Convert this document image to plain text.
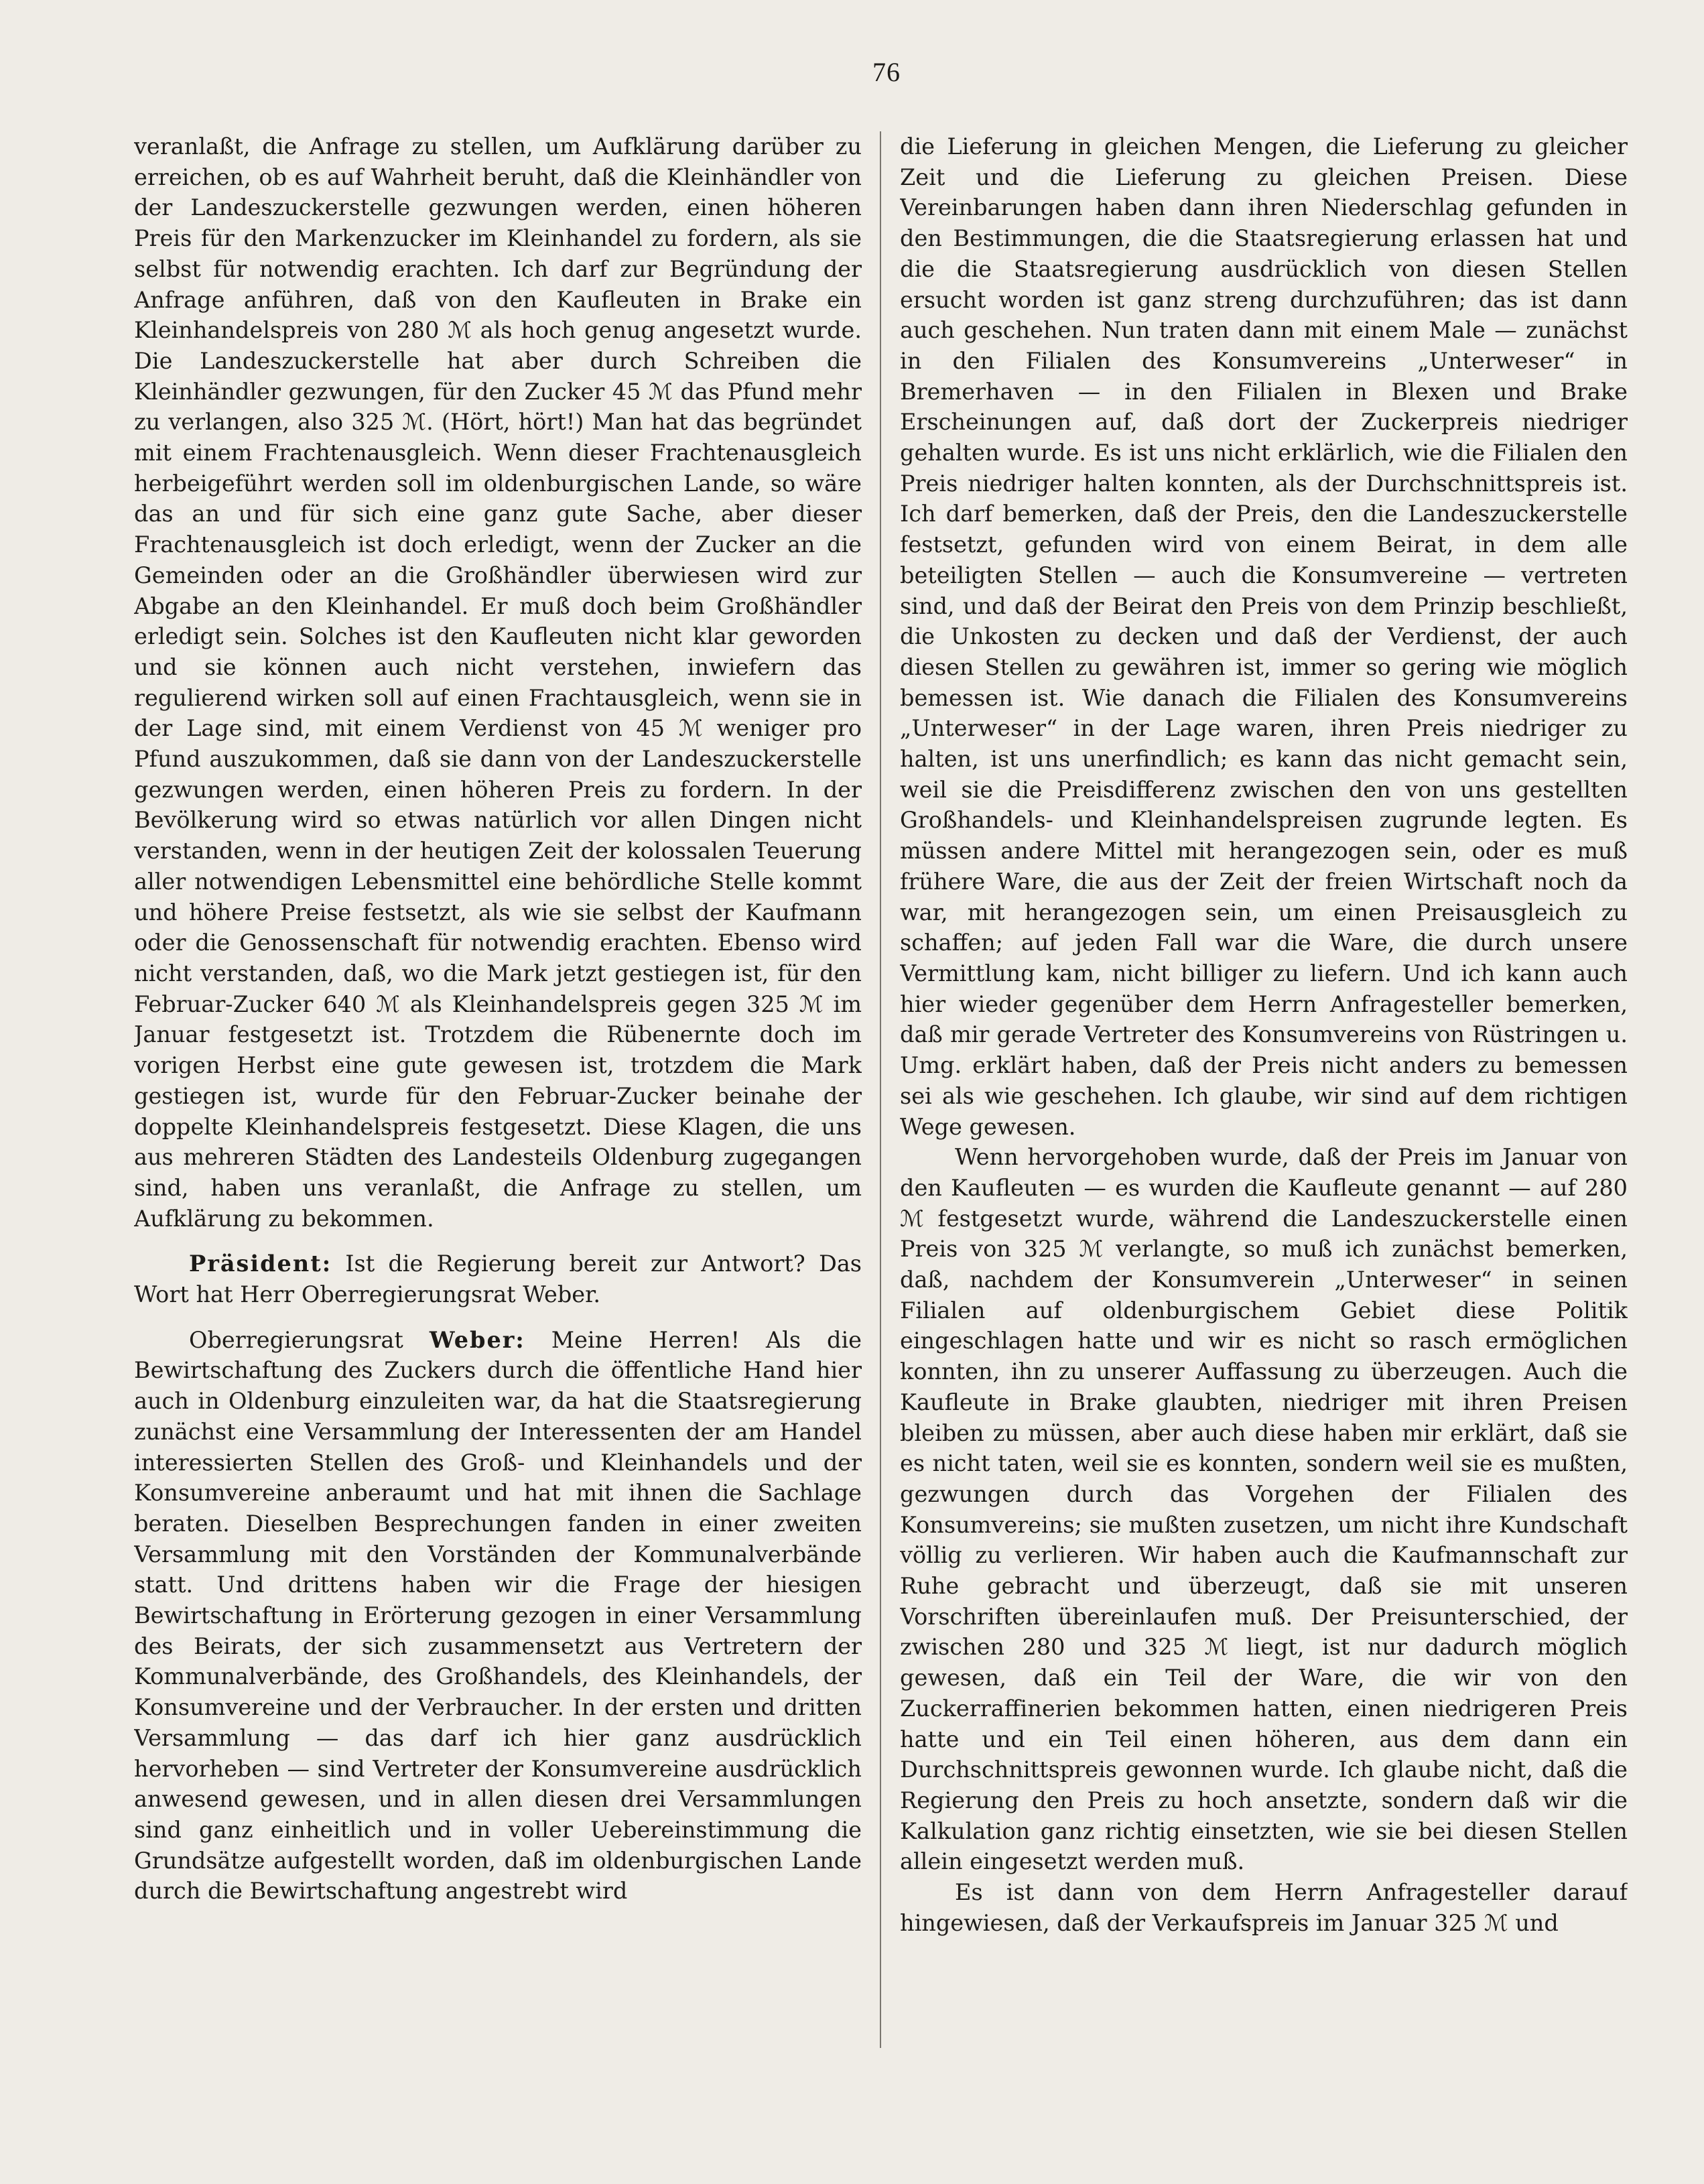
76

veranlaßt, die Anfrage zu stellen, um Aufklärung darüber zu erreichen, ob es auf Wahrheit beruht, daß die Kleinhändler von der Landeszuckerstelle gezwungen werden, einen höheren Preis für den Markenzucker im Kleinhandel zu fordern, als sie selbst für notwendig erachten. Ich darf zur Begründung der Anfrage anführen, daß von den Kaufleuten in Brake ein Kleinhandelspreis von 280 ℳ als hoch genug angesetzt wurde. Die Landeszuckerstelle hat aber durch Schreiben die Kleinhändler gezwungen, für den Zucker 45 ℳ das Pfund mehr zu verlangen, also 325 ℳ. (Hört, hört!) Man hat das begründet mit einem Frachtenausgleich. Wenn dieser Frachtenausgleich herbeigeführt werden soll im oldenburgischen Lande, so wäre das an und für sich eine ganz gute Sache, aber dieser Frachtenausgleich ist doch erledigt, wenn der Zucker an die Gemeinden oder an die Großhändler überwiesen wird zur Abgabe an den Kleinhandel. Er muß doch beim Großhändler erledigt sein. Solches ist den Kaufleuten nicht klar geworden und sie können auch nicht verstehen, inwiefern das regulierend wirken soll auf einen Frachtausgleich, wenn sie in der Lage sind, mit einem Verdienst von 45 ℳ weniger pro Pfund auszukommen, daß sie dann von der Landeszuckerstelle gezwungen werden, einen höheren Preis zu fordern. In der Bevölkerung wird so etwas natürlich vor allen Dingen nicht verstanden, wenn in der heutigen Zeit der kolossalen Teuerung aller notwendigen Lebensmittel eine behördliche Stelle kommt und höhere Preise festsetzt, als wie sie selbst der Kaufmann oder die Genossenschaft für notwendig erachten. Ebenso wird nicht verstanden, daß, wo die Mark jetzt gestiegen ist, für den Februar-Zucker 640 ℳ als Kleinhandelspreis gegen 325 ℳ im Januar festgesetzt ist. Trotzdem die Rübenernte doch im vorigen Herbst eine gute gewesen ist, trotzdem die Mark gestiegen ist, wurde für den Februar-Zucker beinahe der doppelte Kleinhandelspreis festgesetzt. Diese Klagen, die uns aus mehreren Städten des Landesteils Oldenburg zugegangen sind, haben uns veranlaßt, die Anfrage zu stellen, um Aufklärung zu bekommen.

Präsident: Ist die Regierung bereit zur Antwort? Das Wort hat Herr Oberregierungsrat Weber.

Oberregierungsrat Weber: Meine Herren! Als die Bewirtschaftung des Zuckers durch die öffentliche Hand hier auch in Oldenburg einzuleiten war, da hat die Staatsregierung zunächst eine Versammlung der Interessenten der am Handel interessierten Stellen des Groß- und Kleinhandels und der Konsumvereine anberaumt und hat mit ihnen die Sachlage beraten. Dieselben Besprechungen fanden in einer zweiten Versammlung mit den Vorständen der Kommunalverbände statt. Und drittens haben wir die Frage der hiesigen Bewirtschaftung in Erörterung gezogen in einer Versammlung des Beirats, der sich zusammensetzt aus Vertretern der Kommunalverbände, des Großhandels, des Kleinhandels, der Konsumvereine und der Verbraucher. In der ersten und dritten Versammlung — das darf ich hier ganz ausdrücklich hervorheben — sind Vertreter der Konsumvereine ausdrücklich anwesend gewesen, und in allen diesen drei Versammlungen sind ganz einheitlich und in voller Uebereinstimmung die Grundsätze aufgestellt worden, daß im oldenburgischen Lande durch die Bewirtschaftung angestrebt wird

die Lieferung in gleichen Mengen, die Lieferung zu gleicher Zeit und die Lieferung zu gleichen Preisen. Diese Vereinbarungen haben dann ihren Niederschlag gefunden in den Bestimmungen, die die Staatsregierung erlassen hat und die die Staatsregierung ausdrücklich von diesen Stellen ersucht worden ist ganz streng durchzuführen; das ist dann auch geschehen. Nun traten dann mit einem Male — zunächst in den Filialen des Konsumvereins „Unterweser“ in Bremerhaven — in den Filialen in Blexen und Brake Erscheinungen auf, daß dort der Zuckerpreis niedriger gehalten wurde. Es ist uns nicht erklärlich, wie die Filialen den Preis niedriger halten konnten, als der Durchschnittspreis ist. Ich darf bemerken, daß der Preis, den die Landeszuckerstelle festsetzt, gefunden wird von einem Beirat, in dem alle beteiligten Stellen — auch die Konsumvereine — vertreten sind, und daß der Beirat den Preis von dem Prinzip beschließt, die Unkosten zu decken und daß der Verdienst, der auch diesen Stellen zu gewähren ist, immer so gering wie möglich bemessen ist. Wie danach die Filialen des Konsumvereins „Unterweser“ in der Lage waren, ihren Preis niedriger zu halten, ist uns unerfindlich; es kann das nicht gemacht sein, weil sie die Preisdifferenz zwischen den von uns gestellten Großhandels- und Kleinhandelspreisen zugrunde legten. Es müssen andere Mittel mit herangezogen sein, oder es muß frühere Ware, die aus der Zeit der freien Wirtschaft noch da war, mit herangezogen sein, um einen Preisausgleich zu schaffen; auf jeden Fall war die Ware, die durch unsere Vermittlung kam, nicht billiger zu liefern. Und ich kann auch hier wieder gegenüber dem Herrn Anfragesteller bemerken, daß mir gerade Vertreter des Konsumvereins von Rüstringen u. Umg. erklärt haben, daß der Preis nicht anders zu bemessen sei als wie geschehen. Ich glaube, wir sind auf dem richtigen Wege gewesen.

Wenn hervorgehoben wurde, daß der Preis im Januar von den Kaufleuten — es wurden die Kaufleute genannt — auf 280 ℳ festgesetzt wurde, während die Landeszuckerstelle einen Preis von 325 ℳ verlangte, so muß ich zunächst bemerken, daß, nachdem der Konsumverein „Unterweser“ in seinen Filialen auf oldenburgischem Gebiet diese Politik eingeschlagen hatte und wir es nicht so rasch ermöglichen konnten, ihn zu unserer Auffassung zu überzeugen. Auch die Kaufleute in Brake glaubten, niedriger mit ihren Preisen bleiben zu müssen, aber auch diese haben mir erklärt, daß sie es nicht taten, weil sie es konnten, sondern weil sie es mußten, gezwungen durch das Vorgehen der Filialen des Konsumvereins; sie mußten zusetzen, um nicht ihre Kundschaft völlig zu verlieren. Wir haben auch die Kaufmannschaft zur Ruhe gebracht und überzeugt, daß sie mit unseren Vorschriften übereinlaufen muß. Der Preisunterschied, der zwischen 280 und 325 ℳ liegt, ist nur dadurch möglich gewesen, daß ein Teil der Ware, die wir von den Zuckerraffinerien bekommen hatten, einen niedrigeren Preis hatte und ein Teil einen höheren, aus dem dann ein Durchschnittspreis gewonnen wurde. Ich glaube nicht, daß die Regierung den Preis zu hoch ansetzte, sondern daß wir die Kalkulation ganz richtig einsetzten, wie sie bei diesen Stellen allein eingesetzt werden muß.

Es ist dann von dem Herrn Anfragesteller darauf hingewiesen, daß der Verkaufspreis im Januar 325 ℳ und
